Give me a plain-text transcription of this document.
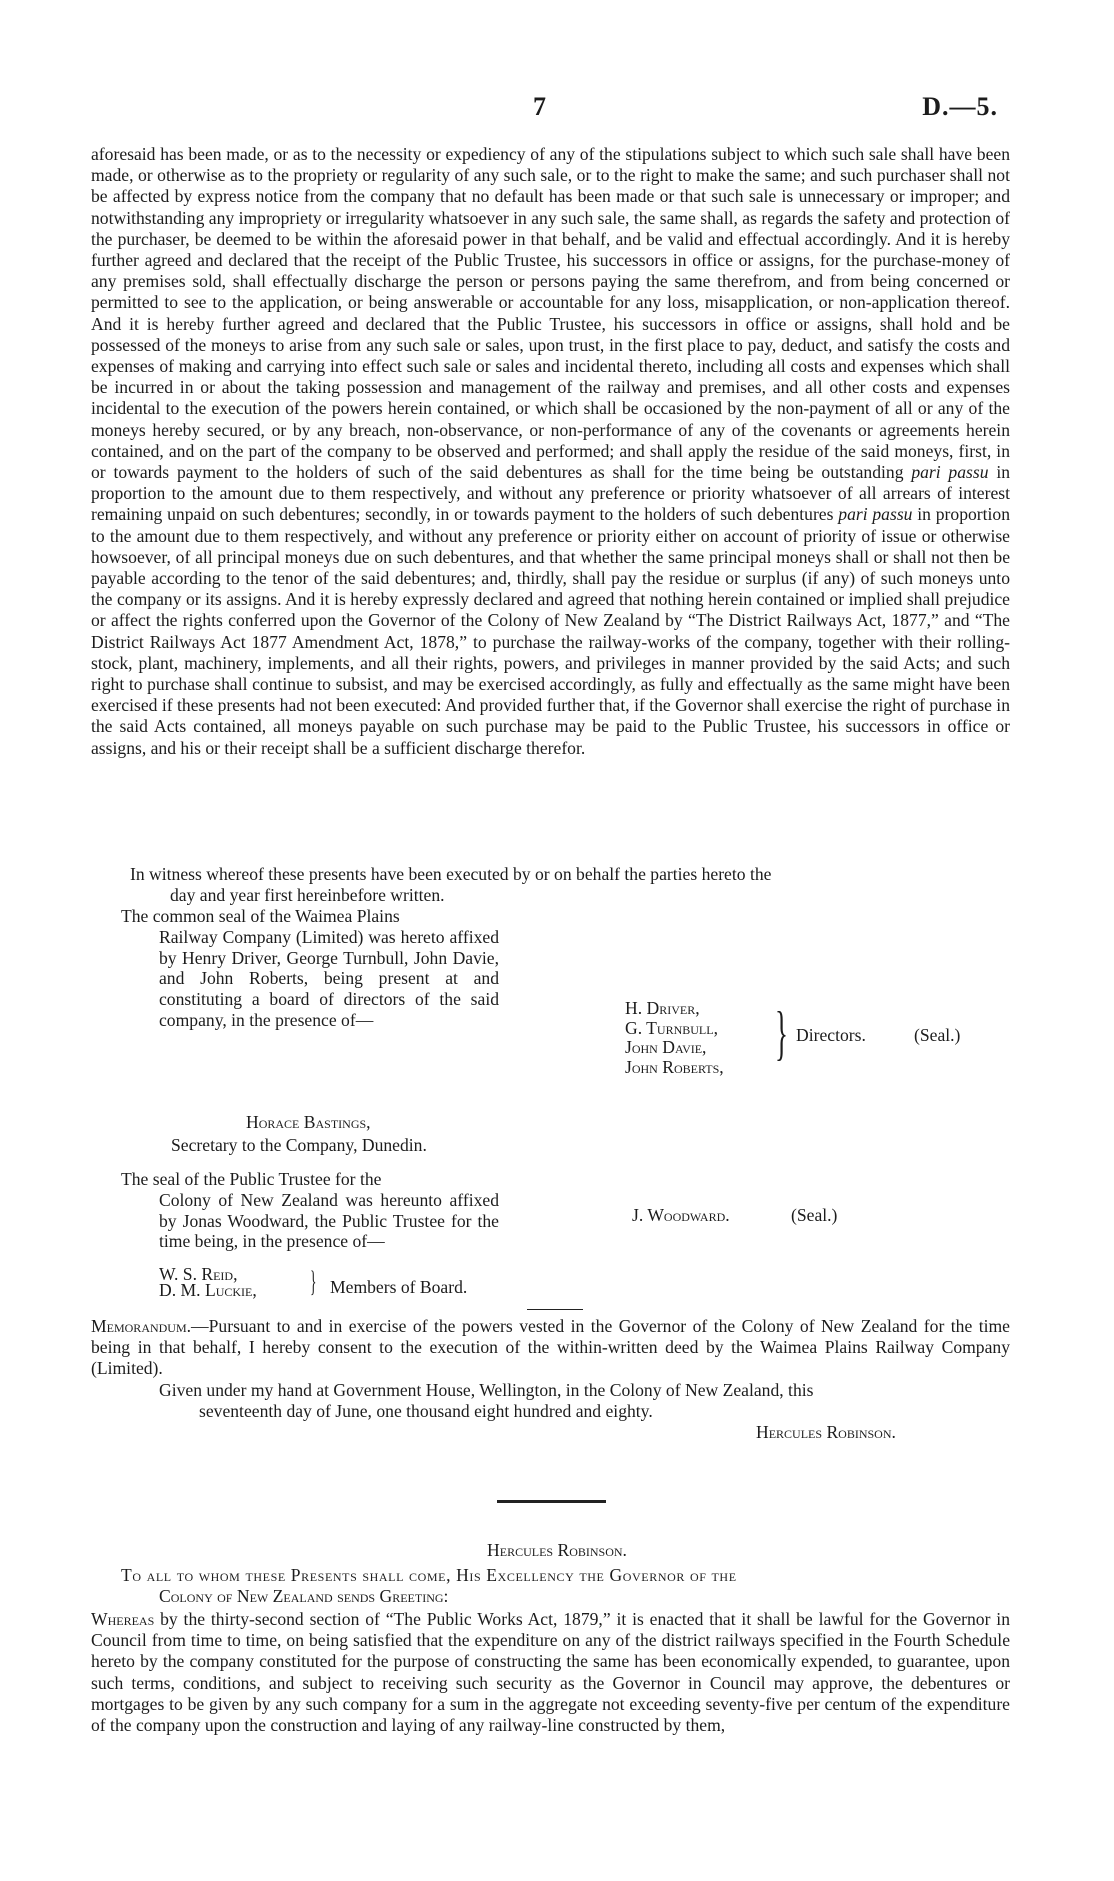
7	D.—5.

aforesaid has been made, or as to the necessity or expediency of any of the stipulations subject to which such sale shall have been made, or otherwise as to the propriety or regularity of any such sale, or to the right to make the same; and such purchaser shall not be affected by express notice from the company that no default has been made or that such sale is unnecessary or improper; and notwithstanding any impropriety or irregularity whatsoever in any such sale, the same shall, as regards the safety and protection of the purchaser, be deemed to be within the aforesaid power in that behalf, and be valid and effectual accordingly. And it is hereby further agreed and declared that the receipt of the Public Trustee, his successors in office or assigns, for the purchase-money of any premises sold, shall effectually discharge the person or persons paying the same therefrom, and from being concerned or permitted to see to the application, or being answerable or accountable for any loss, misapplication, or non-application thereof. And it is hereby further agreed and declared that the Public Trustee, his successors in office or assigns, shall hold and be possessed of the moneys to arise from any such sale or sales, upon trust, in the first place to pay, deduct, and satisfy the costs and expenses of making and carrying into effect such sale or sales and incidental thereto, including all costs and expenses which shall be incurred in or about the taking possession and management of the railway and premises, and all other costs and expenses incidental to the execution of the powers herein contained, or which shall be occasioned by the non-payment of all or any of the moneys hereby secured, or by any breach, non-observance, or non-performance of any of the covenants or agreements herein contained, and on the part of the company to be observed and performed; and shall apply the residue of the said moneys, first, in or towards payment to the holders of such of the said debentures as shall for the time being be outstanding pari passu in proportion to the amount due to them respectively, and without any preference or priority whatsoever of all arrears of interest remaining unpaid on such debentures; secondly, in or towards payment to the holders of such debentures pari passu in proportion to the amount due to them respectively, and without any preference or priority either on account of priority of issue or otherwise howsoever, of all principal moneys due on such debentures, and that whether the same principal moneys shall or shall not then be payable according to the tenor of the said debentures; and, thirdly, shall pay the residue or surplus (if any) of such moneys unto the company or its assigns. And it is hereby expressly declared and agreed that nothing herein contained or implied shall prejudice or affect the rights conferred upon the Governor of the Colony of New Zealand by “The District Railways Act, 1877,” and “The District Railways Act 1877 Amendment Act, 1878,” to purchase the railway-works of the company, together with their rolling-stock, plant, machinery, implements, and all their rights, powers, and privileges in manner provided by the said Acts; and such right to purchase shall continue to subsist, and may be exercised accordingly, as fully and effectually as the same might have been exercised if these presents had not been executed: And provided further that, if the Governor shall exercise the right of purchase in the said Acts contained, all moneys payable on such purchase may be paid to the Public Trustee, his successors in office or assigns, and his or their receipt shall be a sufficient discharge therefor.

In witness whereof these presents have been executed by or on behalf the parties hereto the

day and year first hereinbefore written.

The common seal of the Waimea Plains
Railway Company (Limited) was hereto affixed by Henry Driver, George Turnbull, John Davie, and John Roberts, being present at and constituting a board of directors of the said company, in the presence of—
Horace Bastings,
Secretary to the Company, Dunedin.
H. Driver,
G. Turnbull,
John Davie,
John Roberts,
} Directors.	(Seal.)
The seal of the Public Trustee for the
Colony of New Zealand was hereunto affixed by Jonas Woodward, the Public Trustee for the time being, in the presence of—
W. S. Reid,
D. M. Luckie, } Members of Board.
J. Woodward.	(Seal.)

Memorandum.—Pursuant to and in exercise of the powers vested in the Governor of the Colony of New Zealand for the time being in that behalf, I hereby consent to the execution of the within-written deed by the Waimea Plains Railway Company (Limited).

Given under my hand at Government House, Wellington, in the Colony of New Zealand, this

seventeenth day of June, one thousand eight hundred and eighty.

Hercules Robinson.
Hercules Robinson.

To all to whom these Presents shall come, His Excellency the Governor of the

Colony of New Zealand sends Greeting:

Whereas by the thirty-second section of “The Public Works Act, 1879,” it is enacted that it shall be lawful for the Governor in Council from time to time, on being satisfied that the expenditure on any of the district railways specified in the Fourth Schedule hereto by the company constituted for the purpose of constructing the same has been economically expended, to guarantee, upon such terms, conditions, and subject to receiving such security as the Governor in Council may approve, the debentures or mortgages to be given by any such company for a sum in the aggregate not exceeding seventy-five per centum of the expenditure of the company upon the construction and laying of any railway-line constructed by them,
